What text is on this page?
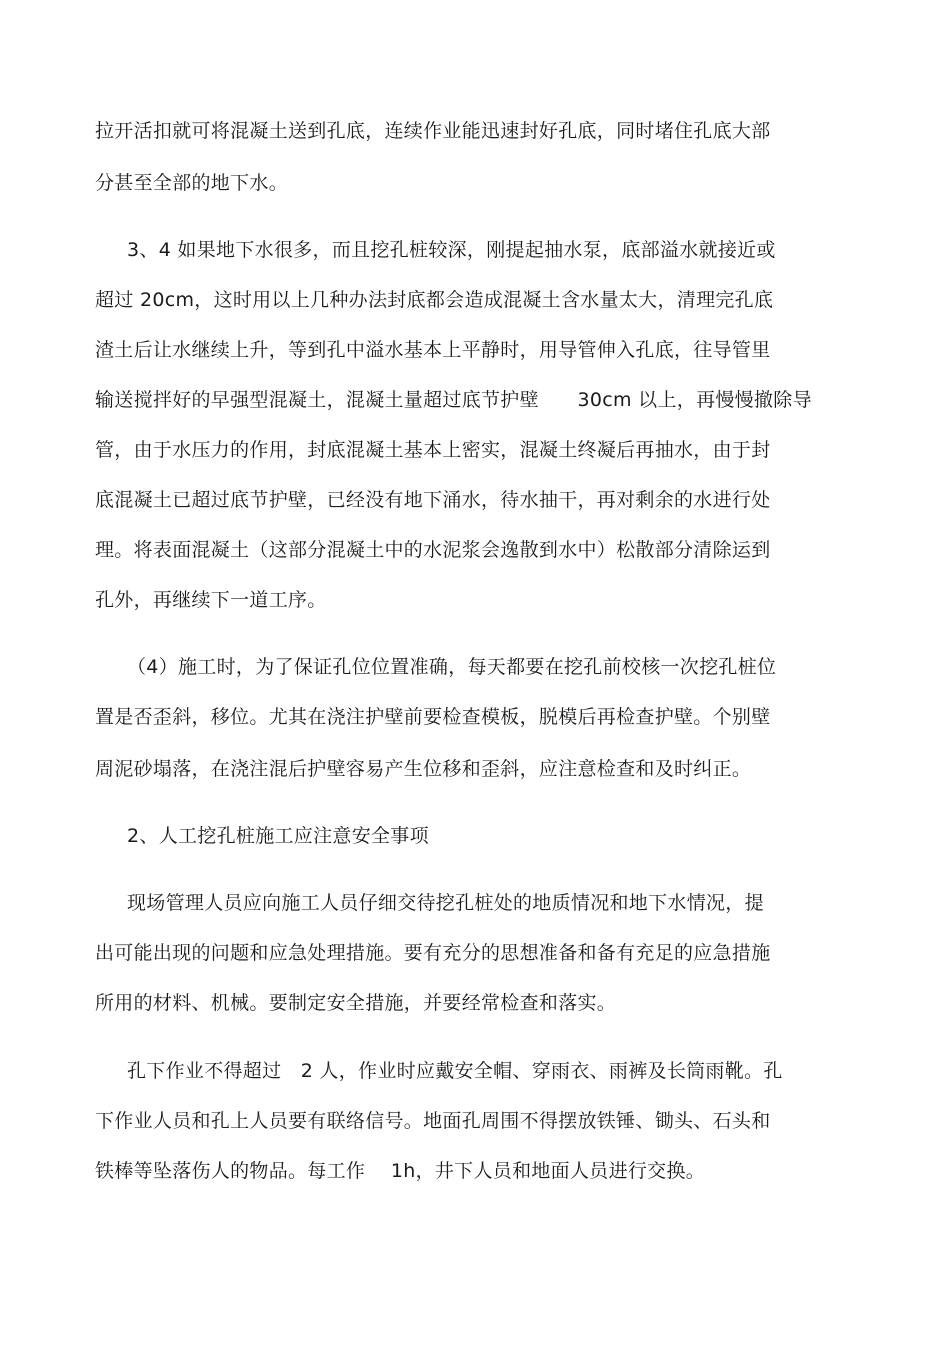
拉开活扣就可将混凝土送到孔底，连续作业能迅速封好孔底，同时堵住孔底大部
分甚至全部的地下水。
3、4 如果地下水很多，而且挖孔桩较深，刚提起抽水泵，底部溢水就接近或
超过 20cm，这时用以上几种办法封底都会造成混凝土含水量太大，清理完孔底
渣土后让水继续上升，等到孔中溢水基本上平静时，用导管伸入孔底，往导管里
输送搅拌好的早强型混凝土，混凝土量超过底节护壁　　30cm 以上，再慢慢撤除导
管，由于水压力的作用，封底混凝土基本上密实，混凝土终凝后再抽水，由于封
底混凝土已超过底节护壁，已经没有地下涌水，待水抽干，再对剩余的水进行处
理。将表面混凝土（这部分混凝土中的水泥浆会逸散到水中）松散部分清除运到
孔外，再继续下一道工序。
（4）施工时，为了保证孔位位置准确，每天都要在挖孔前校核一次挖孔桩位
置是否歪斜，移位。尤其在浇注护壁前要检查模板，脱模后再检查护壁。个别壁
周泥砂塌落，在浇注混后护壁容易产生位移和歪斜，应注意检查和及时纠正。
2、人工挖孔桩施工应注意安全事项
现场管理人员应向施工人员仔细交待挖孔桩处的地质情况和地下水情况，提
出可能出现的问题和应急处理措施。要有充分的思想准备和备有充足的应急措施
所用的材料、机械。要制定安全措施，并要经常检查和落实。
孔下作业不得超过　2 人，作业时应戴安全帽、穿雨衣、雨裤及长筒雨靴。孔
下作业人员和孔上人员要有联络信号。地面孔周围不得摆放铁锤、锄头、石头和
铁棒等坠落伤人的物品。每工作　 1h，井下人员和地面人员进行交换。
